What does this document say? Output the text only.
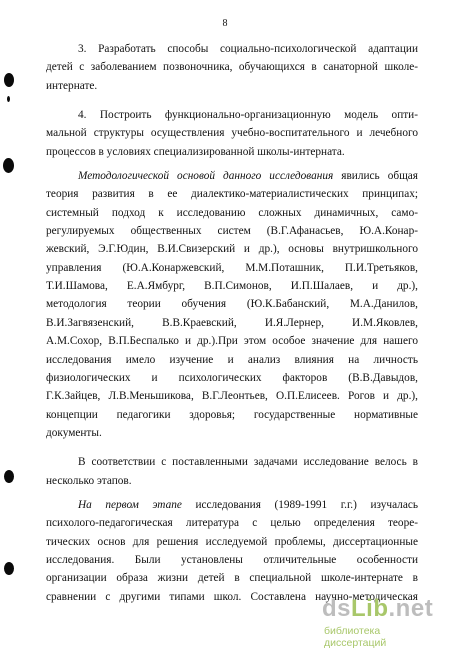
8

3. Разработать способы социально-психологической адаптации

детей с заболеванием позвоночника, обучающихся в санаторной школе-

интернате.

4. Построить функционально-организационную модель опти-

мальной структуры осуществления учебно-воспитательного и лечебного

процессов в условиях специализированной школы-интерната.

Методологической основой данного исследования явились общая

теория развития в ее диалектико-материалистических принципах;

системный подход к исследованию сложных динамичных, само-

регулируемых общественных систем (В.Г.Афанасьев, Ю.А.Конар-

жевский, Э.Г.Юдин, В.И.Свизерский и др.), основы внутришкольного

управления (Ю.А.Конаржевский, М.М.Поташник, П.И.Третьяков,

Т.И.Шамова, Е.А.Ямбург, В.П.Симонов, И.П.Шалаев, и др.),

методология теории обучения (Ю.К.Бабанский, М.А.Данилов,

В.И.Загвязенский, В.В.Краевский, И.Я.Лернер, И.М.Яковлев,

А.М.Сохор, В.П.Беспалько и др.).При этом особое значение для нашего

исследования имело изучение и анализ влияния на личность

физиологических и психологических факторов (В.В.Давыдов,

Г.К.Зайцев, Л.В.Меньшикова, В.Г.Леонтьев, О.П.Елисеев. Рогов и др.),

концепции педагогики здоровья; государственные нормативные

документы.

В соответствии с поставленными задачами исследование велось в

несколько этапов.

На первом этапе исследования (1989-1991 г.г.) изучалась

психолого-педагогическая литература с целью определения теоре-

тических основ для решения исследуемой проблемы, диссертационные

исследования. Были установлены отличительные особенности

организации образа жизни детей в специальной школе-интернате в

сравнении с другими типами школ. Составлена научно-методическая

dsLib.net
библиотека диссертаций
